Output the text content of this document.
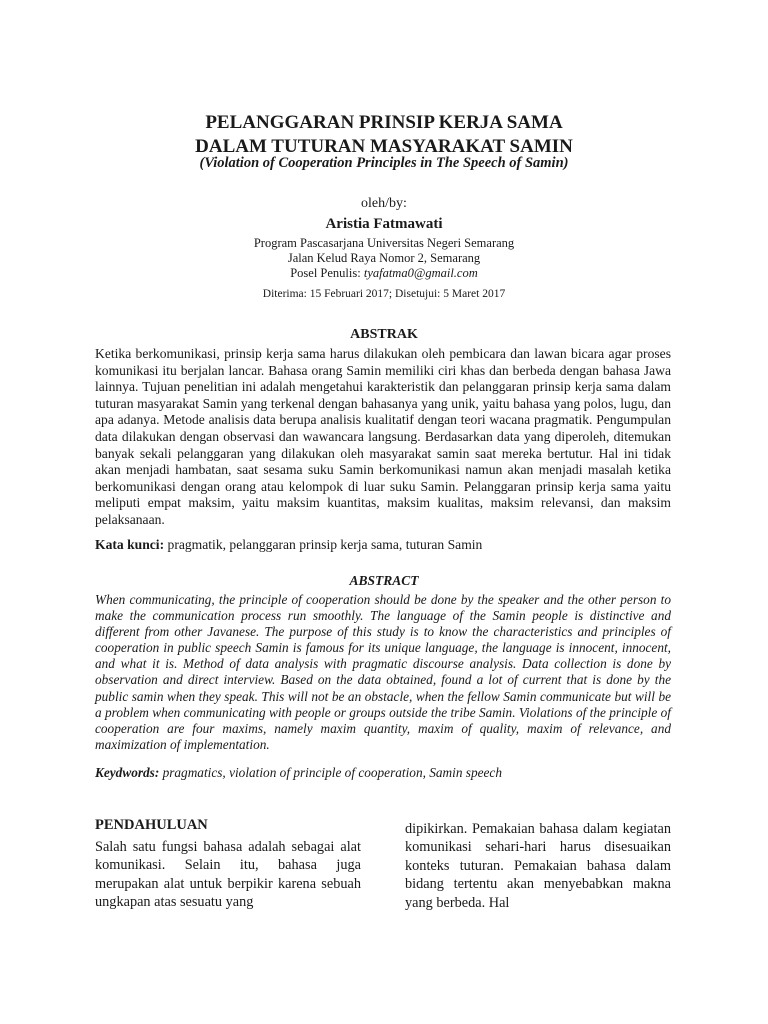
PELANGGARAN PRINSIP KERJA SAMA
DALAM TUTURAN MASYARAKAT SAMIN
(Violation of Cooperation Principles in The Speech of Samin)
oleh/by:
Aristia Fatmawati
Program Pascasarjana Universitas Negeri Semarang
Jalan Kelud Raya Nomor 2, Semarang
Posel Penulis: tyafatma0@gmail.com
Diterima: 15 Februari 2017; Disetujui: 5 Maret 2017
ABSTRAK

Ketika berkomunikasi, prinsip kerja sama harus dilakukan oleh pembicara dan lawan bicara agar proses komunikasi itu berjalan lancar. Bahasa orang Samin memiliki ciri khas dan berbeda dengan bahasa Jawa lainnya. Tujuan penelitian ini adalah mengetahui karakteristik dan pelanggaran prinsip kerja sama dalam tuturan masyarakat Samin yang terkenal dengan bahasanya yang unik, yaitu bahasa yang polos, lugu, dan apa adanya. Metode analisis data berupa analisis kualitatif dengan teori wacana pragmatik. Pengumpulan data dilakukan dengan observasi dan wawancara langsung. Berdasarkan data yang diperoleh, ditemukan banyak sekali pelanggaran yang dilakukan oleh masyarakat samin saat mereka bertutur. Hal ini tidak akan menjadi hambatan, saat sesama suku Samin berkomunikasi namun akan menjadi masalah ketika berkomunikasi dengan orang atau kelompok di luar suku Samin. Pelanggaran prinsip kerja sama yaitu meliputi empat maksim, yaitu maksim kuantitas, maksim kualitas, maksim relevansi, dan maksim pelaksanaan.

Kata kunci: pragmatik, pelanggaran prinsip kerja sama, tuturan Samin

ABSTRACT

When communicating, the principle of cooperation should be done by the speaker and the other person to make the communication process run smoothly. The language of the Samin people is distinctive and different from other Javanese. The purpose of this study is to know the characteristics and principles of cooperation in public speech Samin is famous for its unique language, the language is innocent, innocent, and what it is. Method of data analysis with pragmatic discourse analysis. Data collection is done by observation and direct interview. Based on the data obtained, found a lot of current that is done by the public samin when they speak. This will not be an obstacle, when the fellow Samin communicate but will be a problem when communicating with people or groups outside the tribe Samin. Violations of the principle of cooperation are four maxims, namely maxim quantity, maxim of quality, maxim of relevance, and maximization of implementation.

Keydwords: pragmatics, violation of principle of cooperation, Samin speech

PENDAHULUAN

Salah satu fungsi bahasa adalah sebagai alat komunikasi. Selain itu, bahasa juga merupakan alat untuk berpikir karena sebuah ungkapan atas sesuatu yang

dipikirkan. Pemakaian bahasa dalam kegiatan komunikasi sehari-hari harus disesuaikan konteks tuturan. Pemakaian bahasa dalam bidang tertentu akan menyebabkan makna yang berbeda. Hal
